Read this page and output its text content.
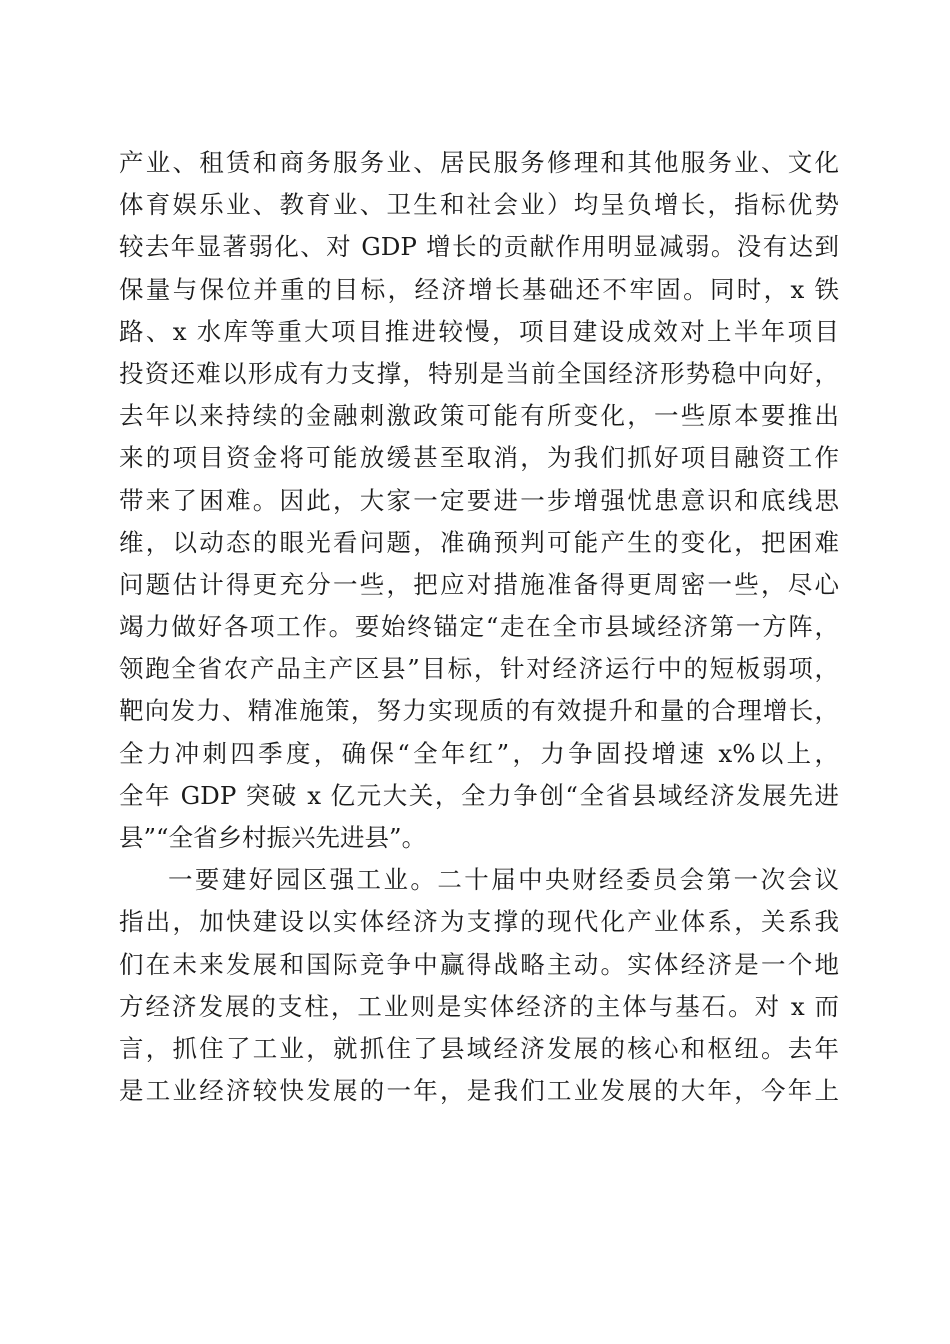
产业、租赁和商务服务业、居民服务修理和其他服务业、文化
体育娱乐业、教育业、卫生和社会业）均呈负增长，指标优势
较去年显著弱化、对 GDP 增长的贡献作用明显减弱。没有达到
保量与保位并重的目标，经济增长基础还不牢固。同时，x 铁
路、x 水库等重大项目推进较慢，项目建设成效对上半年项目
投资还难以形成有力支撑，特别是当前全国经济形势稳中向好，
去年以来持续的金融刺激政策可能有所变化，一些原本要推出
来的项目资金将可能放缓甚至取消，为我们抓好项目融资工作
带来了困难。因此，大家一定要进一步增强忧患意识和底线思
维，以动态的眼光看问题，准确预判可能产生的变化，把困难
问题估计得更充分一些，把应对措施准备得更周密一些，尽心
竭力做好各项工作。要始终锚定“走在全市县域经济第一方阵，
领跑全省农产品主产区县”目标，针对经济运行中的短板弱项，
靶向发力、精准施策，努力实现质的有效提升和量的合理增长，
全力冲刺四季度，确保“全年红”，力争固投增速 x%以上，
全年 GDP 突破 x 亿元大关，全力争创“全省县域经济发展先进
县”“全省乡村振兴先进县”。
一要建好园区强工业。二十届中央财经委员会第一次会议
指出，加快建设以实体经济为支撑的现代化产业体系，关系我
们在未来发展和国际竞争中赢得战略主动。实体经济是一个地
方经济发展的支柱，工业则是实体经济的主体与基石。对 x 而
言，抓住了工业，就抓住了县域经济发展的核心和枢纽。去年
是工业经济较快发展的一年，是我们工业发展的大年，今年上
